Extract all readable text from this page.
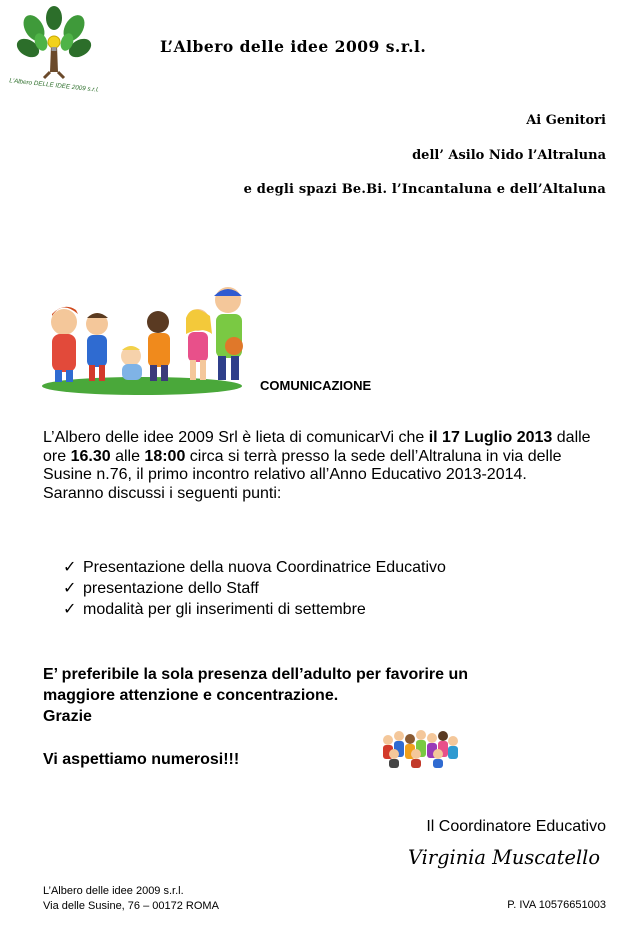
L'Albero DELLE IDEE 2009 s.r.l.
L’Albero delle idee 2009 s.r.l.
Ai Genitori
dell’ Asilo Nido l’Altraluna
e degli spazi Be.Bi. l’Incantaluna e dell’Altaluna
COMUNICAZIONE
L’Albero delle idee 2009 Srl è lieta di comunicarVi che il 17 Luglio 2013 dalle ore 16.30 alle 18:00 circa si terrà presso la sede dell’Altraluna in via delle Susine n.76, il primo incontro relativo all’Anno Educativo 2013-2014.
Saranno discussi i seguenti punti:
✓ Presentazione della nuova Coordinatrice Educativo
✓ presentazione dello Staff
✓ modalità per gli inserimenti di settembre
E’ preferibile la sola presenza dell’adulto per favorire un
maggiore attenzione e concentrazione.
Grazie
Vi aspettiamo numerosi!!!
Il Coordinatore Educativo
Virginia Muscatello
L’Albero delle idee 2009 s.r.l.
Via delle Susine, 76 – 00172 ROMA	P. IVA 10576651003
